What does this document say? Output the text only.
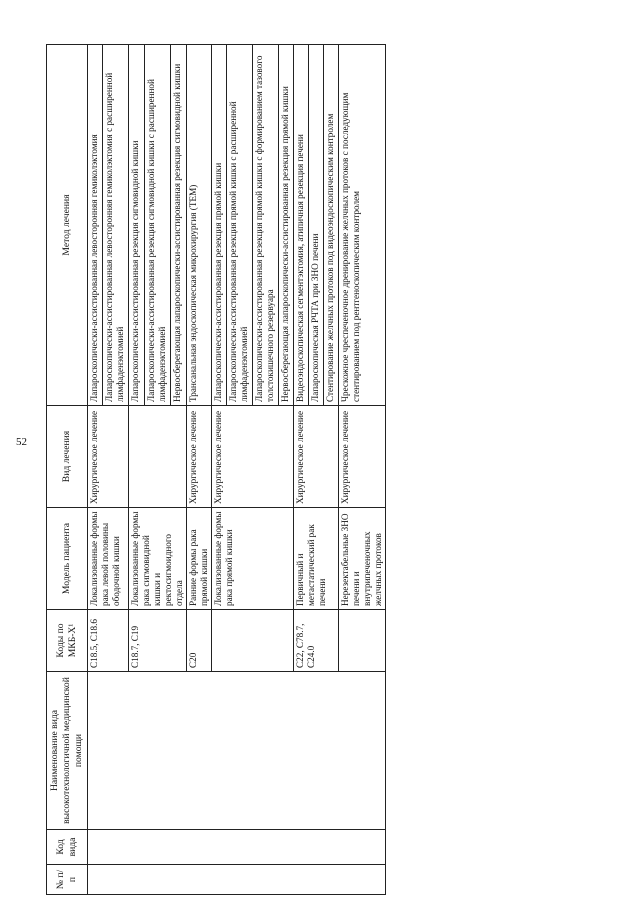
52
№ п/п	Код вида	Наименование вида высокотехнологичной медицинской помощи	Коды по МКБ-X¹	Модель пациента	Вид лечения	Метод лечения
			C18.5, C18.6	Локализованные формы рака левой половины ободочной кишки	Хирургическое лечение	Лапароскопически-ассистированная левосторонняя гемиколэктомия
						Лапароскопически-ассистированная левосторонняя гемиколэктомия с расширенной лимфаденэктомией
			C18.7, C19	Локализованные формы рака сигмовидной кишки и ректосигмоидного отдела		Лапароскопически-ассистированная резекция сигмовидной кишки
						Лапароскопически-ассистированная резекция сигмовидной кишки с расширенной лимфаденэктомией
						Нервосберегающая лапароскопически-ассистированная резекция сигмовидной кишки
			C20	Ранние формы рака прямой кишки	Хирургическое лечение	Трансанальная эндоскопическая микрохирургия (ТЕМ)
				Локализованные формы рака прямой кишки	Хирургическое лечение	Лапароскопически-ассистированная резекция прямой кишки
						Лапароскопически-ассистированная резекция прямой кишки с расширенной лимфаденэктомией
						Лапароскопически-ассистированная резекция прямой кишки с формированием тазового толстокишечного резервуара
						Нервосберегающая лапароскопически-ассистированная резекция прямой кишки
			C22, C78.7, C24.0	Первичный и метастатический рак печени	Хирургическое лечение	Видеоэндоскопическая сегментэктомия, атипичная резекция печени
						Лапароскопическая РЧТА при ЗНО печени
						Стентирование желчных протоков под видеоэндоскопическим контролем
				Нерезектабельные ЗНО печени и внутрипеченочных желчных протоков	Хирургическое лечение	Чрескожное чреспеченочное дренирование желчных протоков с последующим стентированием под рентгеноскопическим контролем
